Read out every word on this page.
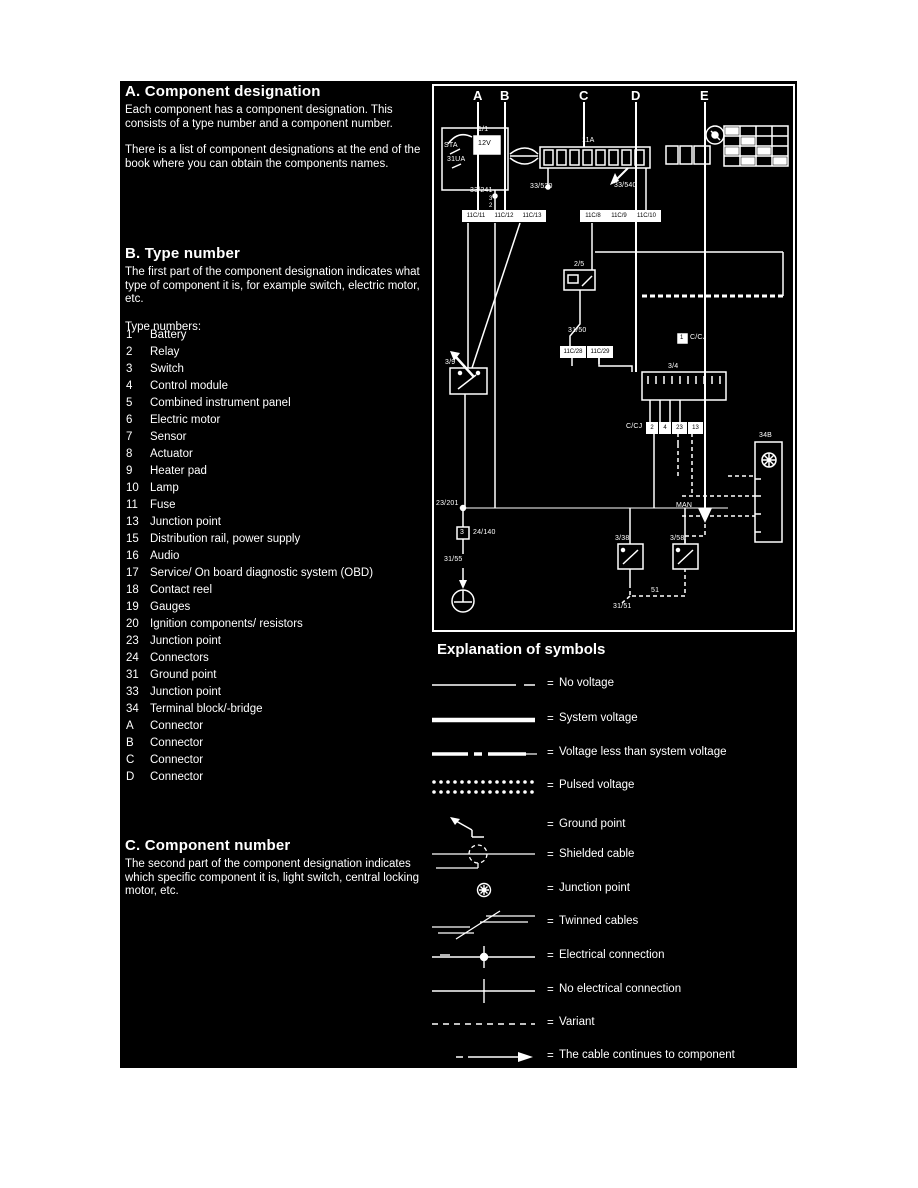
A. Component designation

Each component has a component designation. This consists of a type number and a component number.

There is a list of component designations at the end of the book where you can obtain the components names.

B. Type number

The first part of the component designation indicates what type of component it is, for example switch, electric motor, etc.

Type numbers:

1	Battery
2	Relay
3	Switch
4	Control module
5	Combined instrument panel
6	Electric motor
7	Sensor
8	Actuator
9	Heater pad
10 Lamp
11	Fuse
13 Junction point
15 Distribution rail, power supply
16 Audio
17 Service/ On board diagnostic system (OBD)
18 Contact reel
19 Gauges
20 Ignition components/ resistors
23 Junction point
24 Connectors
31 Ground point
33 Junction point
34 Terminal block/-bridge
A	Connector
B	Connector
C	Connector
D	Connector
C. Component number

The second part of the component designation indicates which specific component it is, light switch, central locking motor, etc.

A B	C	D	E
STA
31UA
1/1
12V
33/241
3
2
11A
33/520	33/540
2/5
31/50
3/9
3/4
C/CJ
C/CJ
1
34B
23/201
24/140
3
31/55
3/38	3/58
31/51
51
MAN
11C/11	11C/12	11C/13	11C/8	11C/9	11C/10
11C/28	11C/29
2	4	23	13
Explanation of symbols
= No voltage
= System voltage
= Voltage less than system voltage
= Pulsed voltage
= Ground point
= Shielded cable
= Junction point
= Twinned cables
= Electrical connection
= No electrical connection
= Variant
= The cable continues to component
